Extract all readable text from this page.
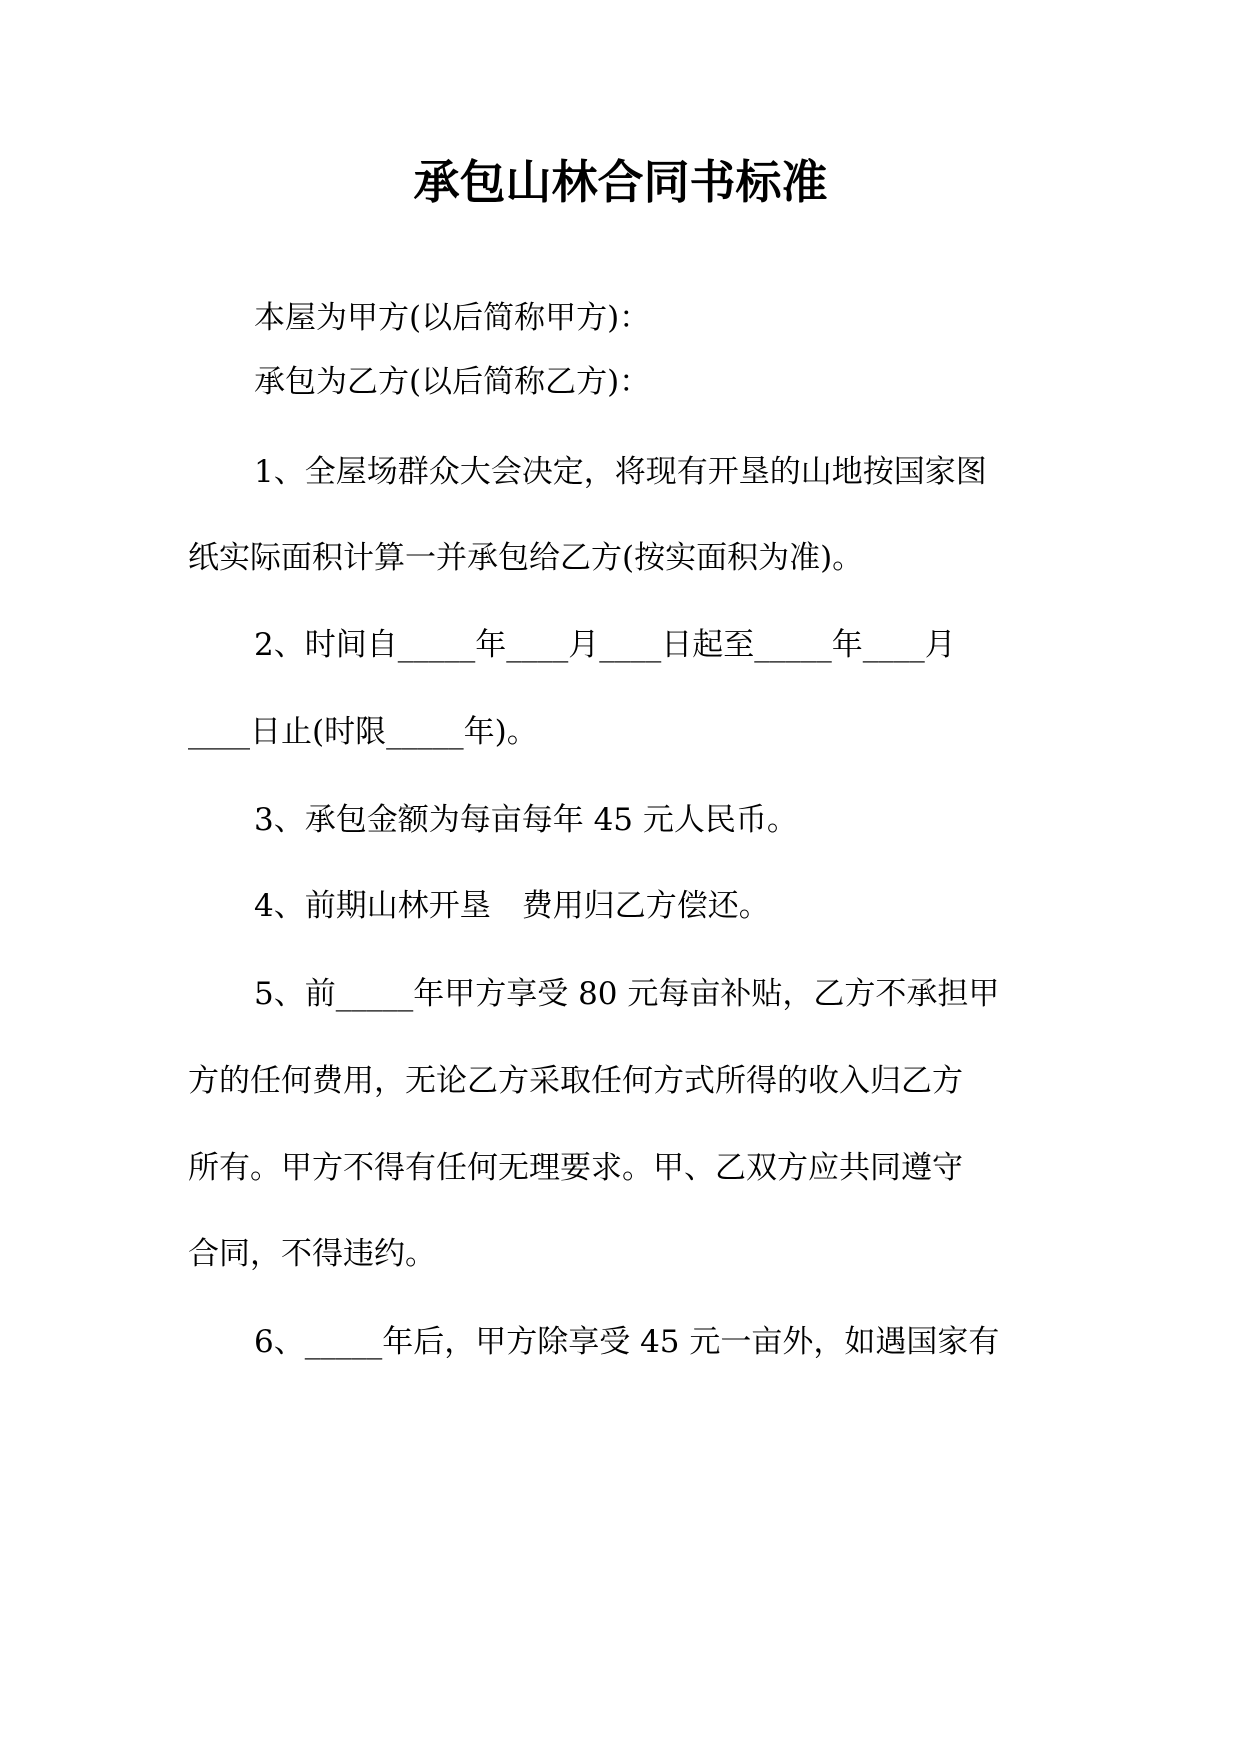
承包山林合同书标准
本屋为甲方(以后简称甲方)：
承包为乙方(以后简称乙方)：
1、全屋场群众大会决定，将现有开垦的山地按国家图
纸实际面积计算一并承包给乙方(按实面积为准)。
2、时间自_____年____月____日起至_____年____月
____日止(时限_____年)。
3、承包金额为每亩每年 45 元人民币。
4、前期山林开垦　费用归乙方偿还。
5、前_____年甲方享受 80 元每亩补贴，乙方不承担甲
方的任何费用，无论乙方采取任何方式所得的收入归乙方
所有。甲方不得有任何无理要求。甲、乙双方应共同遵守
合同，不得违约。
6、_____年后，甲方除享受 45 元一亩外，如遇国家有
